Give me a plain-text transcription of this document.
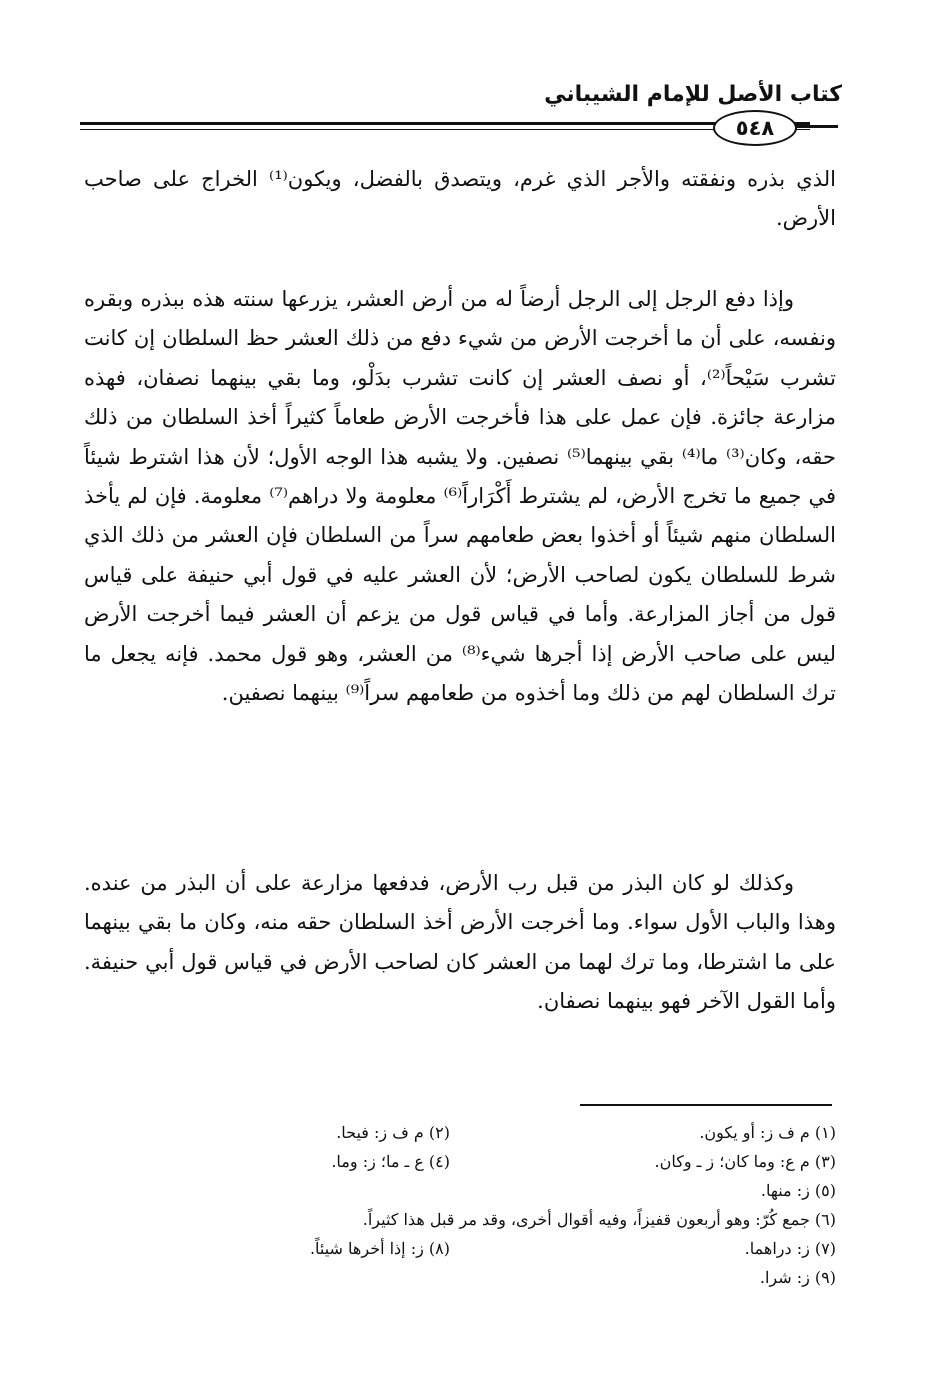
كتاب الأصل للإمام الشيباني
٥٤٨

الذي بذره ونفقته والأجر الذي غرم، ويتصدق بالفضل، ويكون⁽¹⁾ الخراج على صاحب الأرض.

وإذا دفع الرجل إلى الرجل أرضاً له من أرض العشر، يزرعها سنته هذه ببذره وبقره ونفسه، على أن ما أخرجت الأرض من شيء دفع من ذلك العشر حظ السلطان إن كانت تشرب سَيْحاً⁽²⁾، أو نصف العشر إن كانت تشرب بدَلْو، وما بقي بينهما نصفان، فهذه مزارعة جائزة. فإن عمل على هذا فأخرجت الأرض طعاماً كثيراً أخذ السلطان من ذلك حقه، وكان⁽³⁾ ما⁽⁴⁾ بقي بينهما⁽⁵⁾ نصفين. ولا يشبه هذا الوجه الأول؛ لأن هذا اشترط شيئاً في جميع ما تخرج الأرض، لم يشترط أَكْرَاراً⁽⁶⁾ معلومة ولا دراهم⁽⁷⁾ معلومة. فإن لم يأخذ السلطان منهم شيئاً أو أخذوا بعض طعامهم سراً من السلطان فإن العشر من ذلك الذي شرط للسلطان يكون لصاحب الأرض؛ لأن العشر عليه في قول أبي حنيفة على قياس قول من أجاز المزارعة. وأما في قياس قول من يزعم أن العشر فيما أخرجت الأرض ليس على صاحب الأرض إذا أجرها شيء⁽⁸⁾ من العشر، وهو قول محمد. فإنه يجعل ما ترك السلطان لهم من ذلك وما أخذوه من طعامهم سراً⁽⁹⁾ بينهما نصفين.

وكذلك لو كان البذر من قبل رب الأرض، فدفعها مزارعة على أن البذر من عنده. وهذا والباب الأول سواء. وما أخرجت الأرض أخذ السلطان حقه منه، وكان ما بقي بينهما على ما اشترطا، وما ترك لهما من العشر كان لصاحب الأرض في قياس قول أبي حنيفة. وأما القول الآخر فهو بينهما نصفان.

(١) م ف ز: أو يكون.
(٢) م ف ز: فيحا.
(٣) م ع: وما كان؛ ز ـ وكان.
(٤) ع ـ ما؛ ز: وما.
(٥) ز: منها.
(٦) جمع كُرّ: وهو أربعون قفيزاً، وفيه أقوال أخرى، وقد مر قبل هذا كثيراً.
(٧) ز: دراهما.
(٨) ز: إذا أخرها شيئاً.
(٩) ز: شرا.
